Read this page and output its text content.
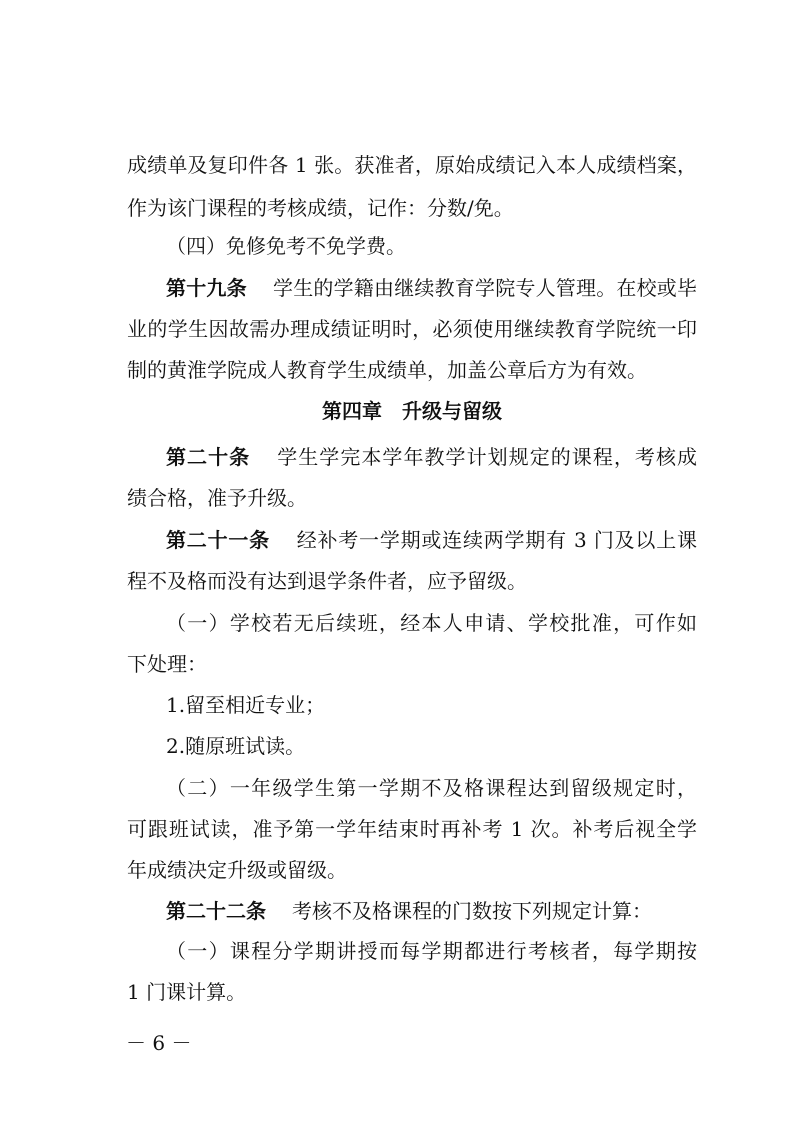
成绩单及复印件各 1 张。获准者，原始成绩记入本人成绩档案，
作为该门课程的考核成绩，记作：分数/免。
（四）免修免考不免学费。
第十九条 学生的学籍由继续教育学院专人管理。在校或毕
业的学生因故需办理成绩证明时，必须使用继续教育学院统一印
制的黄淮学院成人教育学生成绩单，加盖公章后方为有效。
第四章　升级与留级
第二十条 学生学完本学年教学计划规定的课程，考核成
绩合格，准予升级。
第二十一条 经补考一学期或连续两学期有 3 门及以上课
程不及格而没有达到退学条件者，应予留级。
（一）学校若无后续班，经本人申请、学校批准，可作如
下处理：
1.留至相近专业；
2.随原班试读。
（二）一年级学生第一学期不及格课程达到留级规定时，
可跟班试读，准予第一学年结束时再补考 1 次。补考后视全学
年成绩决定升级或留级。
第二十二条 考核不及格课程的门数按下列规定计算：
（一）课程分学期讲授而每学期都进行考核者，每学期按
1 门课计算。
－ 6 －
